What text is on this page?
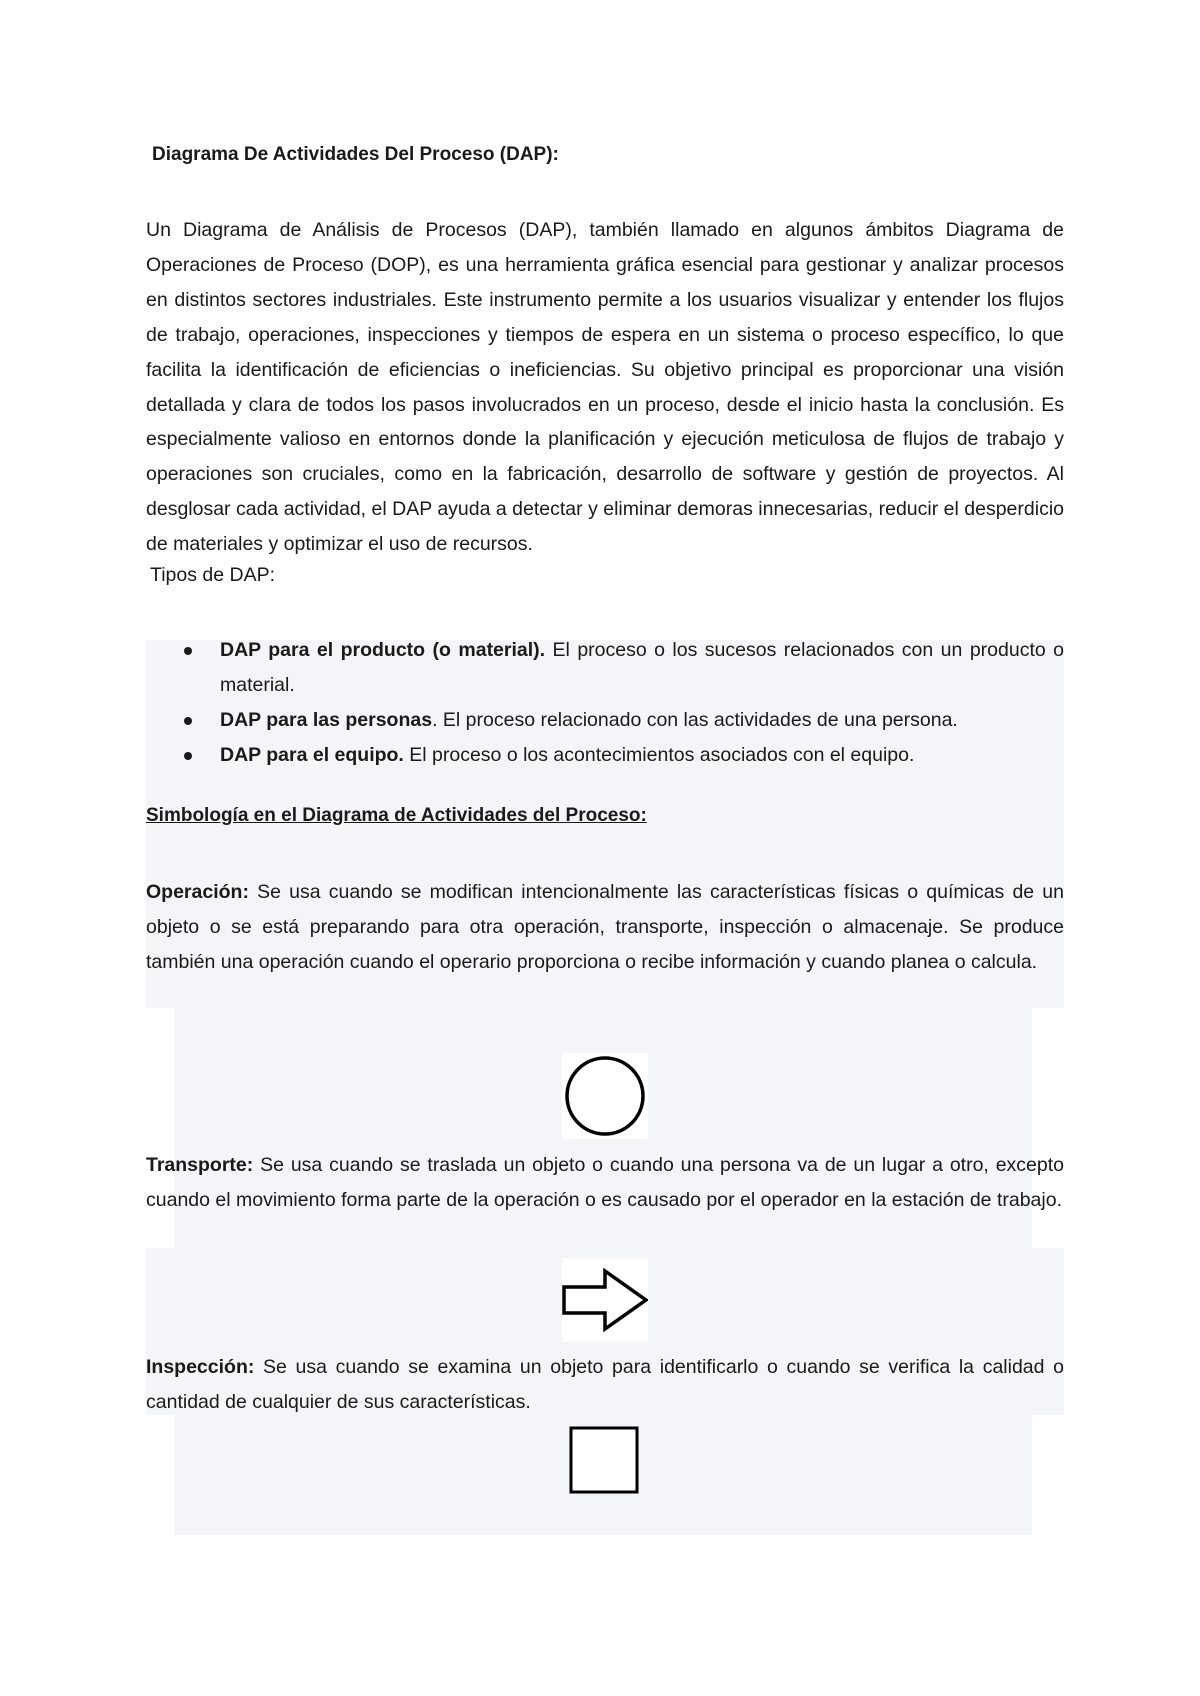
Diagrama De Actividades Del Proceso (DAP):

Un Diagrama de Análisis de Procesos (DAP), también llamado en algunos ámbitos Diagrama de Operaciones de Proceso (DOP), es una herramienta gráfica esencial para gestionar y analizar procesos en distintos sectores industriales. Este instrumento permite a los usuarios visualizar y entender los flujos de trabajo, operaciones, inspecciones y tiempos de espera en un sistema o proceso específico, lo que facilita la identificación de eficiencias o ineficiencias. Su objetivo principal es proporcionar una visión detallada y clara de todos los pasos involucrados en un proceso, desde el inicio hasta la conclusión. Es especialmente valioso en entornos donde la planificación y ejecución meticulosa de flujos de trabajo y operaciones son cruciales, como en la fabricación, desarrollo de software y gestión de proyectos. Al desglosar cada actividad, el DAP ayuda a detectar y eliminar demoras innecesarias, reducir el desperdicio de materiales y optimizar el uso de recursos.

Tipos de DAP:
DAP para el producto (o material). El proceso o los sucesos relacionados con un producto o material.
DAP para las personas. El proceso relacionado con las actividades de una persona.
DAP para el equipo. El proceso o los acontecimientos asociados con el equipo.
Simbología en el Diagrama de Actividades del Proceso:

Operación: Se usa cuando se modifican intencionalmente las características físicas o químicas de un objeto o se está preparando para otra operación, transporte, inspección o almacenaje. Se produce también una operación cuando el operario proporciona o recibe información y cuando planea o calcula.

Transporte: Se usa cuando se traslada un objeto o cuando una persona va de un lugar a otro, excepto cuando el movimiento forma parte de la operación o es causado por el operador en la estación de trabajo.

Inspección: Se usa cuando se examina un objeto para identificarlo o cuando se verifica la calidad o cantidad de cualquier de sus características.
